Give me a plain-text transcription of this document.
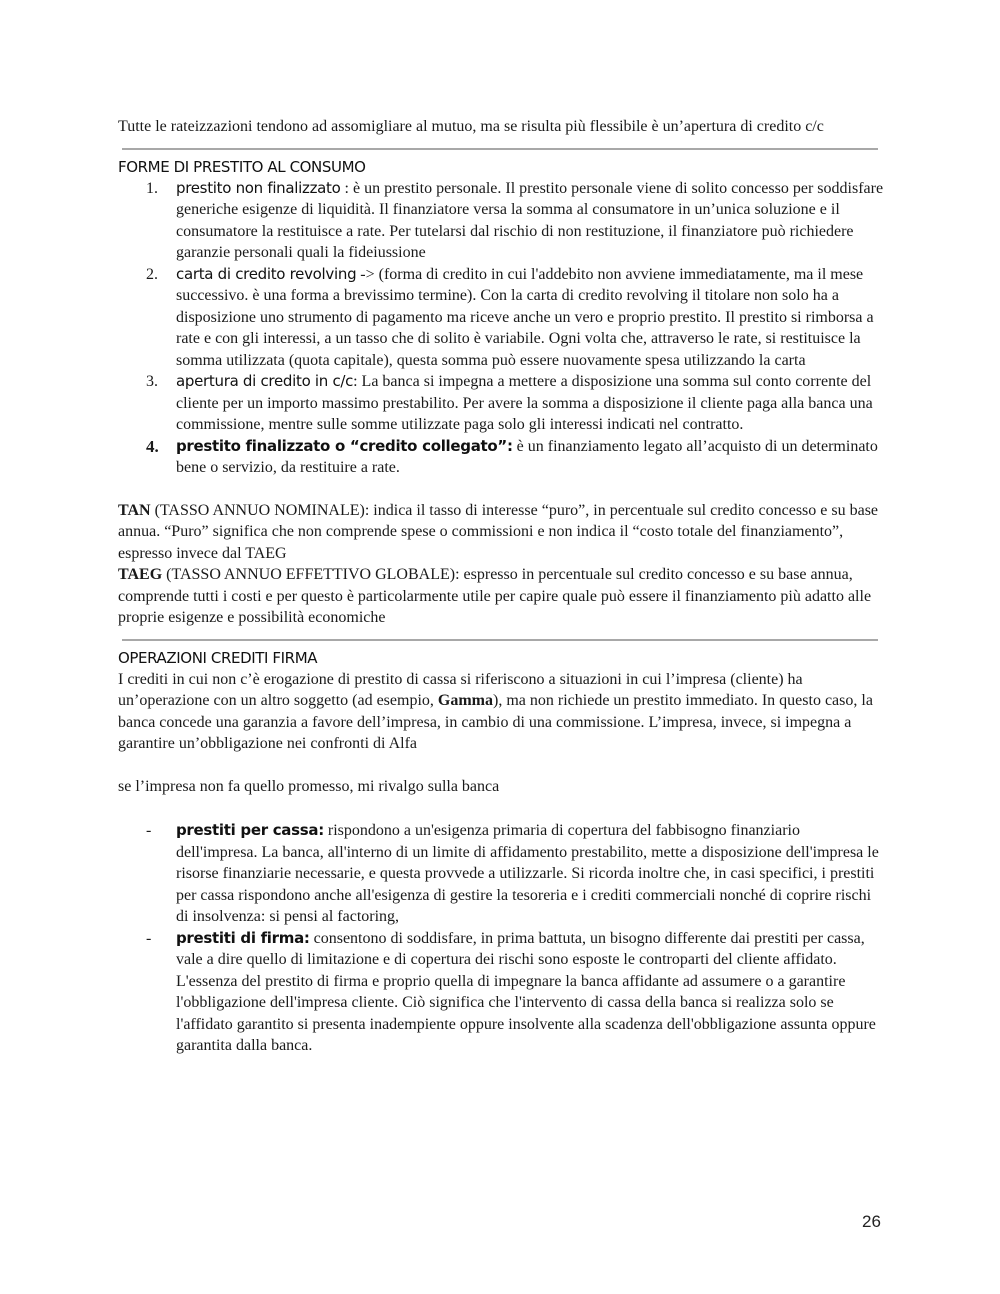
Tutte le rateizzazioni tendono ad assomigliare al mutuo, ma se risulta più flessibile è un’apertura di credito c/c

FORME DI PRESTITO AL CONSUMO

1. prestito non finalizzato : è un prestito personale. Il prestito personale viene di solito concesso per soddisfare generiche esigenze di liquidità. Il finanziatore versa la somma al consumatore in un’unica soluzione e il consumatore la restituisce a rate. Per tutelarsi dal rischio di non restituzione, il finanziatore può richiedere garanzie personali quali la fideiussione
2. carta di credito revolving -> (forma di credito in cui l'addebito non avviene immediatamente, ma il mese successivo. è una forma a brevissimo termine). Con la carta di credito revolving il titolare non solo ha a disposizione uno strumento di pagamento ma riceve anche un vero e proprio prestito. Il prestito si rimborsa a rate e con gli interessi, a un tasso che di solito è variabile. Ogni volta che, attraverso le rate, si restituisce la somma utilizzata (quota capitale), questa somma può essere nuovamente spesa utilizzando la carta
3. apertura di credito in c/c: La banca si impegna a mettere a disposizione una somma sul conto corrente del cliente per un importo massimo prestabilito. Per avere la somma a disposizione il cliente paga alla banca una commissione, mentre sulle somme utilizzate paga solo gli interessi indicati nel contratto.
4. prestito finalizzato o “credito collegato”: è un finanziamento legato all’acquisto di un determinato bene o servizio, da restituire a rate.

TAN (TASSO ANNUO NOMINALE): indica il tasso di interesse “puro”, in percentuale sul credito concesso e su base annua. “Puro” significa che non comprende spese o commissioni e non indica il “costo totale del finanziamento”, espresso invece dal TAEG

TAEG (TASSO ANNUO EFFETTIVO GLOBALE): espresso in percentuale sul credito concesso e su base annua, comprende tutti i costi e per questo è particolarmente utile per capire quale può essere il finanziamento più adatto alle proprie esigenze e possibilità economiche

OPERAZIONI CREDITI FIRMA

I crediti in cui non c’è erogazione di prestito di cassa si riferiscono a situazioni in cui l’impresa (cliente) ha un’operazione con un altro soggetto (ad esempio, Gamma), ma non richiede un prestito immediato. In questo caso, la banca concede una garanzia a favore dell’impresa, in cambio di una commissione. L’impresa, invece, si impegna a garantire un’obbligazione nei confronti di Alfa

se l’impresa non fa quello promesso, mi rivalgo sulla banca

- prestiti per cassa: rispondono a un'esigenza primaria di copertura del fabbisogno finanziario dell'impresa. La banca, all'interno di un limite di affidamento prestabilito, mette a disposizione dell'impresa le risorse finanziarie necessarie, e questa provvede a utilizzarle. Si ricorda inoltre che, in casi specifici, i prestiti per cassa rispondono anche all'esigenza di gestire la tesoreria e i crediti commerciali nonché di coprire rischi di insolvenza: si pensi al factoring,
- prestiti di firma: consentono di soddisfare, in prima battuta, un bisogno differente dai prestiti per cassa, vale a dire quello di limitazione e di copertura dei rischi sono esposte le controparti del cliente affidato. L'essenza del prestito di firma e proprio quella di impegnare la banca affidante ad assumere o a garantire l'obbligazione dell'impresa cliente. Ciò significa che l'intervento di cassa della banca si realizza solo se l'affidato garantito si presenta inadempiente oppure insolvente alla scadenza dell'obbligazione assunta oppure garantita dalla banca.
26
